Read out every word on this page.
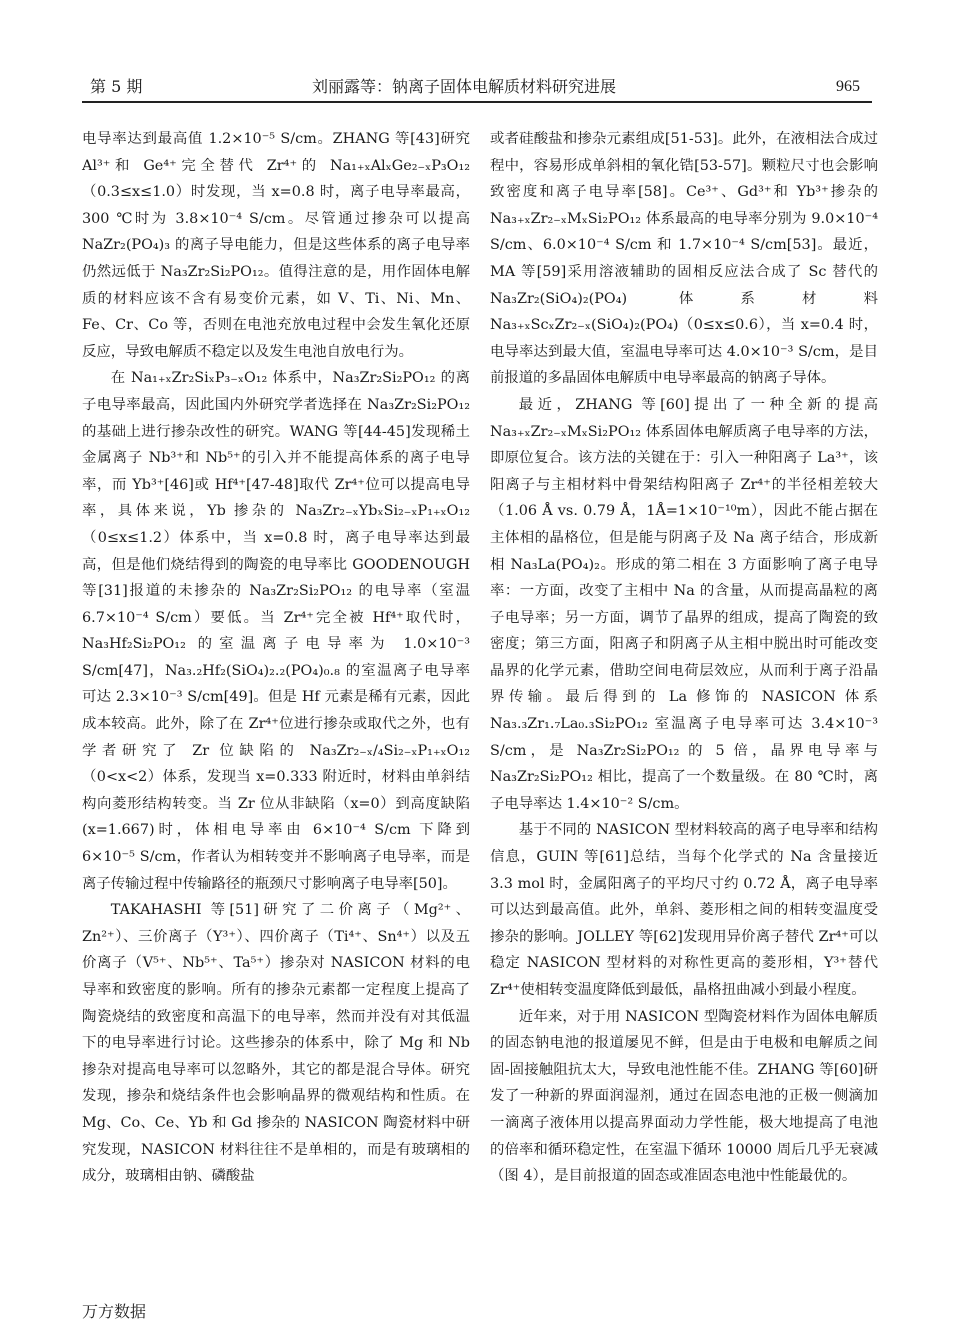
第 5 期	刘丽露等：钠离子固体电解质材料研究进展	965

电导率达到最高值 1.2×10⁻⁵ S/cm。ZHANG 等[43]研究 Al³⁺和 Ge⁴⁺完全替代 Zr⁴⁺的 Na₁₊ₓAlₓGe₂₋ₓP₃O₁₂（0.3≤x≤1.0）时发现，当 x=0.8 时，离子电导率最高，300 ℃时为 3.8×10⁻⁴ S/cm。尽管通过掺杂可以提高 NaZr₂(PO₄)₃ 的离子导电能力，但是这些体系的离子电导率仍然远低于 Na₃Zr₂Si₂PO₁₂。值得注意的是，用作固体电解质的材料应该不含有易变价元素，如 V、Ti、Ni、Mn、Fe、Cr、Co 等，否则在电池充放电过程中会发生氧化还原反应，导致电解质不稳定以及发生电池自放电行为。

在 Na₁₊ₓZr₂SiₓP₃₋ₓO₁₂ 体系中，Na₃Zr₂Si₂PO₁₂ 的离子电导率最高，因此国内外研究学者选择在 Na₃Zr₂Si₂PO₁₂ 的基础上进行掺杂改性的研究。WANG 等[44-45]发现稀土金属离子 Nb³⁺和 Nb⁵⁺的引入并不能提高体系的离子电导率，而 Yb³⁺[46]或 Hf⁴⁺[47-48]取代 Zr⁴⁺位可以提高电导率，具体来说，Yb 掺杂的 Na₃Zr₂₋ₓYbₓSi₂₋ₓP₁₊ₓO₁₂（0≤x≤1.2）体系中，当 x=0.8 时，离子电导率达到最高，但是他们烧结得到的陶瓷的电导率比 GOODENOUGH 等[31]报道的未掺杂的 Na₃Zr₂Si₂PO₁₂ 的电导率（室温 6.7×10⁻⁴ S/cm）要低。当 Zr⁴⁺完全被 Hf⁴⁺取代时，Na₃Hf₂Si₂PO₁₂ 的室温离子电导率为 1.0×10⁻³ S/cm[47]，Na₃.₂Hf₂(SiO₄)₂.₂(PO₄)₀.₈ 的室温离子电导率可达 2.3×10⁻³ S/cm[49]。但是 Hf 元素是稀有元素，因此成本较高。此外，除了在 Zr⁴⁺位进行掺杂或取代之外，也有学者研究了 Zr 位缺陷的 Na₃Zr₂₋ₓ/₄Si₂₋ₓP₁₊ₓO₁₂（0<x<2）体系，发现当 x=0.333 附近时，材料由单斜结构向菱形结构转变。当 Zr 位从非缺陷（x=0）到高度缺陷(x=1.667)时，体相电导率由 6×10⁻⁴ S/cm 下降到 6×10⁻⁵ S/cm，作者认为相转变并不影响离子电导率，而是离子传输过程中传输路径的瓶颈尺寸影响离子电导率[50]。

TAKAHASHI 等[51]研究了二价离子（Mg²⁺、Zn²⁺）、三价离子（Y³⁺）、四价离子（Ti⁴⁺、Sn⁴⁺）以及五价离子（V⁵⁺、Nb⁵⁺、Ta⁵⁺）掺杂对 NASICON 材料的电导率和致密度的影响。所有的掺杂元素都一定程度上提高了陶瓷烧结的致密度和高温下的电导率，然而并没有对其低温下的电导率进行讨论。这些掺杂的体系中，除了 Mg 和 Nb 掺杂对提高电导率可以忽略外，其它的都是混合导体。研究发现，掺杂和烧结条件也会影响晶界的微观结构和性质。在 Mg、Co、Ce、Yb 和 Gd 掺杂的 NASICON 陶瓷材料中研究发现，NASICON 材料往往不是单相的，而是有玻璃相的成分，玻璃相由钠、磷酸盐

或者硅酸盐和掺杂元素组成[51-53]。此外，在液相法合成过程中，容易形成单斜相的氧化锆[53-57]。颗粒尺寸也会影响致密度和离子电导率[58]。Ce³⁺、Gd³⁺和 Yb³⁺掺杂的 Na₃₊ₓZr₂₋ₓMₓSi₂PO₁₂ 体系最高的电导率分别为 9.0×10⁻⁴ S/cm、6.0×10⁻⁴ S/cm 和 1.7×10⁻⁴ S/cm[53]。最近，MA 等[59]采用溶液辅助的固相反应法合成了 Sc 替代的 Na₃Zr₂(SiO₄)₂(PO₄) 体系材料 Na₃₊ₓScₓZr₂₋ₓ(SiO₄)₂(PO₄)（0≤x≤0.6），当 x=0.4 时，电导率达到最大值，室温电导率可达 4.0×10⁻³ S/cm，是目前报道的多晶固体电解质中电导率最高的钠离子导体。

最近，ZHANG 等[60]提出了一种全新的提高 Na₃₊ₓZr₂₋ₓMₓSi₂PO₁₂ 体系固体电解质离子电导率的方法，即原位复合。该方法的关键在于：引入一种阳离子 La³⁺，该阳离子与主相材料中骨架结构阳离子 Zr⁴⁺的半径相差较大（1.06 Å vs. 0.79 Å，1Å=1×10⁻¹⁰m），因此不能占据在主体相的晶格位，但是能与阴离子及 Na 离子结合，形成新相 Na₃La(PO₄)₂。形成的第二相在 3 方面影响了离子电导率：一方面，改变了主相中 Na 的含量，从而提高晶粒的离子电导率；另一方面，调节了晶界的组成，提高了陶瓷的致密度；第三方面，阳离子和阴离子从主相中脱出时可能改变晶界的化学元素，借助空间电荷层效应，从而利于离子沿晶界传输。最后得到的 La 修饰的 NASICON 体系 Na₃.₃Zr₁.₇La₀.₃Si₂PO₁₂ 室温离子电导率可达 3.4×10⁻³ S/cm，是 Na₃Zr₂Si₂PO₁₂ 的 5 倍，晶界电导率与 Na₃Zr₂Si₂PO₁₂ 相比，提高了一个数量级。在 80 ℃时，离子电导率达 1.4×10⁻² S/cm。

基于不同的 NASICON 型材料较高的离子电导率和结构信息，GUIN 等[61]总结，当每个化学式的 Na 含量接近 3.3 mol 时，金属阳离子的平均尺寸约 0.72 Å，离子电导率可以达到最高值。此外，单斜、菱形相之间的相转变温度受掺杂的影响。JOLLEY 等[62]发现用异价离子替代 Zr⁴⁺可以稳定 NASICON 型材料的对称性更高的菱形相，Y³⁺替代 Zr⁴⁺使相转变温度降低到最低，晶格扭曲减小到最小程度。

近年来，对于用 NASICON 型陶瓷材料作为固体电解质的固态钠电池的报道屡见不鲜，但是由于电极和电解质之间固-固接触阻抗太大，导致电池性能不佳。ZHANG 等[60]研发了一种新的界面润湿剂，通过在固态电池的正极一侧滴加一滴离子液体用以提高界面动力学性能，极大地提高了电池的倍率和循环稳定性，在室温下循环 10000 周后几乎无衰减（图 4），是目前报道的固态或准固态电池中性能最优的。

万方数据
